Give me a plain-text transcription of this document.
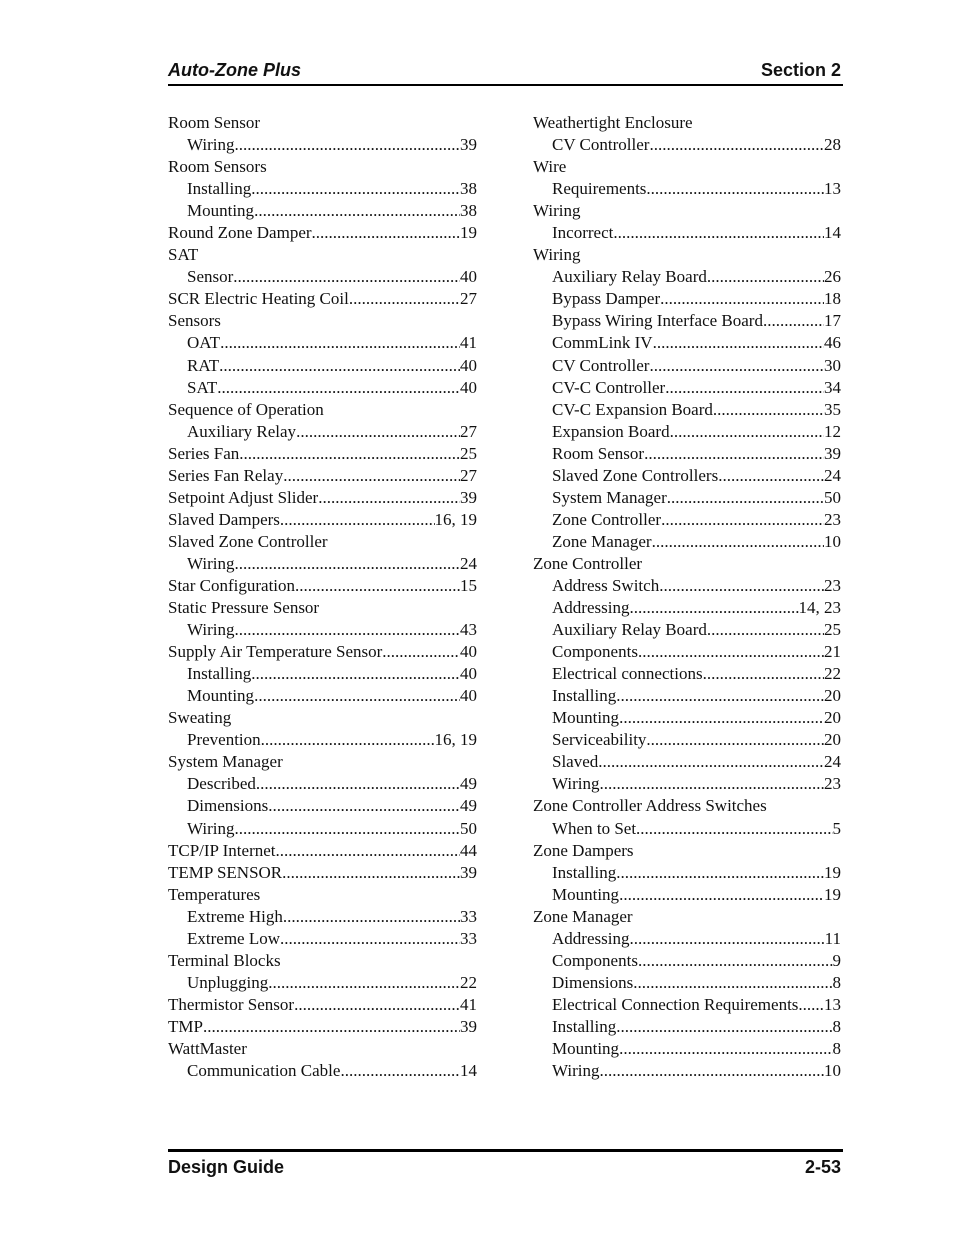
Auto-Zone Plus	Section 2
Room Sensor
Wiring .....	39
Room Sensors
Installing .....	38
Mounting .....	38
Round Zone Damper .....	19
SAT
Sensor .....	40
SCR Electric Heating Coil .....	27
Sensors
OAT .....	41
RAT .....	40
SAT .....	40
Sequence of Operation
Auxiliary Relay .....	27
Series Fan .....	25
Series Fan Relay .....	27
Setpoint Adjust Slider .....	39
Slaved Dampers .....	16, 19
Slaved Zone Controller
Wiring .....	24
Star Configuration .....	15
Static Pressure Sensor
Wiring .....	43
Supply Air Temperature Sensor .....	40
Installing .....	40
Mounting .....	40
Sweating
Prevention .....	16, 19
System Manager
Described .....	49
Dimensions .....	49
Wiring .....	50
TCP/IP Internet .....	44
TEMP SENSOR .....	39
Temperatures
Extreme High .....	33
Extreme Low .....	33
Terminal Blocks
Unplugging .....	22
Thermistor Sensor .....	41
TMP .....	39
WattMaster
Communication Cable .....	14
Weathertight Enclosure
CV Controller .....	28
Wire
Requirements .....	13
Wiring
Incorrect .....	14
Wiring
Auxiliary Relay Board .....	26
Bypass Damper .....	18
Bypass Wiring Interface Board .....	17
CommLink IV .....	46
CV Controller .....	30
CV-C Controller .....	34
CV-C Expansion Board .....	35
Expansion Board .....	12
Room Sensor .....	39
Slaved Zone Controllers .....	24
System Manager .....	50
Zone Controller .....	23
Zone Manager .....	10
Zone Controller
Address Switch .....	23
Addressing .....	14, 23
Auxiliary Relay Board .....	25
Components .....	21
Electrical connections .....	22
Installing .....	20
Mounting .....	20
Serviceability .....	20
Slaved .....	24
Wiring .....	23
Zone Controller Address Switches
When to Set .....	5
Zone Dampers
Installing .....	19
Mounting .....	19
Zone Manager
Addressing .....	11
Components .....	9
Dimensions .....	8
Electrical Connection Requirements ..... 13
Installing .....	8
Mounting .....	8
Wiring .....	10
Design Guide	2-53
